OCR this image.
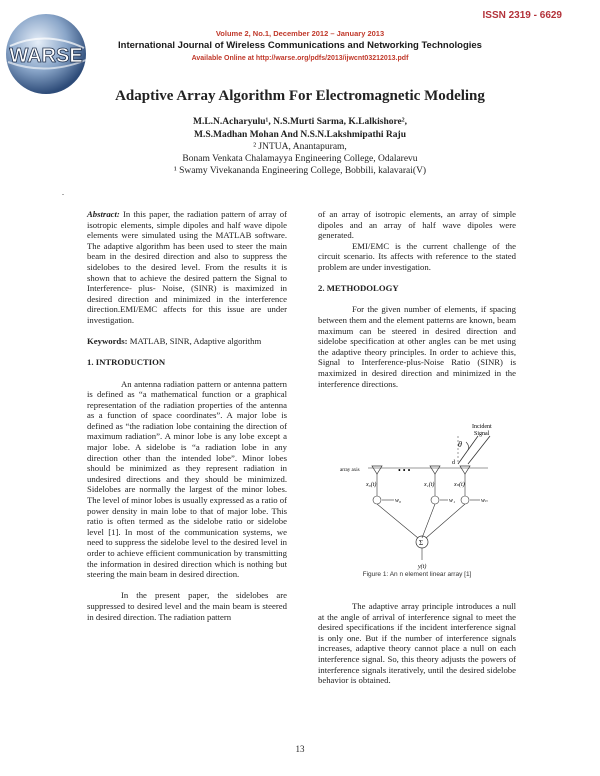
WARSE
ISSN 2319 - 6629
Volume 2, No.1, December 2012 – January 2013
International Journal of Wireless Communications and Networking Technologies
Available Online at http://warse.org/pdfs/2013/ijwcnt03212013.pdf
Adaptive Array Algorithm For Electromagnetic Modeling
M.L.N.Acharyulu¹, N.S.Murti Sarma, K.Lalkishore²,
M.S.Madhan Mohan And N.S.N.Lakshmipathi Raju
² JNTUA, Anantapuram,
Bonam Venkata Chalamayya Engineering College, Odalarevu
¹ Swamy Vivekananda Engineering College, Bobbili, kalavarai(V)
.

Abstract: In this paper, the radiation pattern of array of isotropic elements, simple dipoles and half wave dipole elements were simulated using the MATLAB software. The adaptive algorithm has been used to steer the main beam in the desired direction and also to suppress the sidelobes to the desired level. From the results it is shown that to achieve the desired pattern the Signal to Interference- plus- Noise, (SINR) is maximized in desired direction and minimized in the interference direction.EMI/EMC affects for this issue are under investigation.

Keywords: MATLAB, SINR, Adaptive algorithm

1. INTRODUCTION

An antenna radiation pattern or antenna pattern is defined as “a mathematical function or a graphical representation of the radiation properties of the antenna as a function of space coordinates”. A major lobe is defined as “the radiation lobe containing the direction of maximum radiation”. A minor lobe is any lobe except a major lobe. A sidelobe is “a radiation lobe in any direction other than the intended lobe”. Minor lobes should be minimized as they represent radiation in undesired directions and they should be minimized. Sidelobes are normally the largest of the minor lobes. The level of minor lobes is usually expressed as a ratio of power density in main lobe to that of major lobe. This ratio is often termed as the sidelobe ratio or sidelobe level [1]. In most of the communication systems, we need to suppress the sidelobe level to the desired level in order to achieve efficient communication by transmitting the information in desired direction which is nothing but steering the main beam in desired direction.

In the present paper, the sidelobes are suppressed to desired level and the main beam is steered in desired direction. The radiation pattern

of an array of isotropic elements, an array of simple dipoles and an array of half wave dipoles were generated.

EMI/EMC is the current challenge of the circuit scenario. Its affects with reference to the stated problem are under investigation.

2. METHODOLOGY

For the given number of elements, if spacing between them and the element patterns are known, beam maximum can be steered in desired direction and sidelobe specification at other angles can be met using the adaptive theory principles. In order to achieve this, Signal to Interference-plus-Noise Ratio (SINR) is maximized in desired direction and minimized in the interference directions.

Incident
Signal
θ
array axis
d
• • •
x₀(t)	x₁(t)	xₙ(t)
w₀	w₁	wₙ
Σ
y(t)
Figure 1: An n element linear array [1]

The adaptive array principle introduces a null at the angle of arrival of interference signal to meet the desired specifications if the incident interference signal is only one. But if the number of interference signals increases, adaptive theory cannot place a null on each interference signal. So, this theory adjusts the powers of interference signals iteratively, until the desired sidelobe behavior is obtained.

13
